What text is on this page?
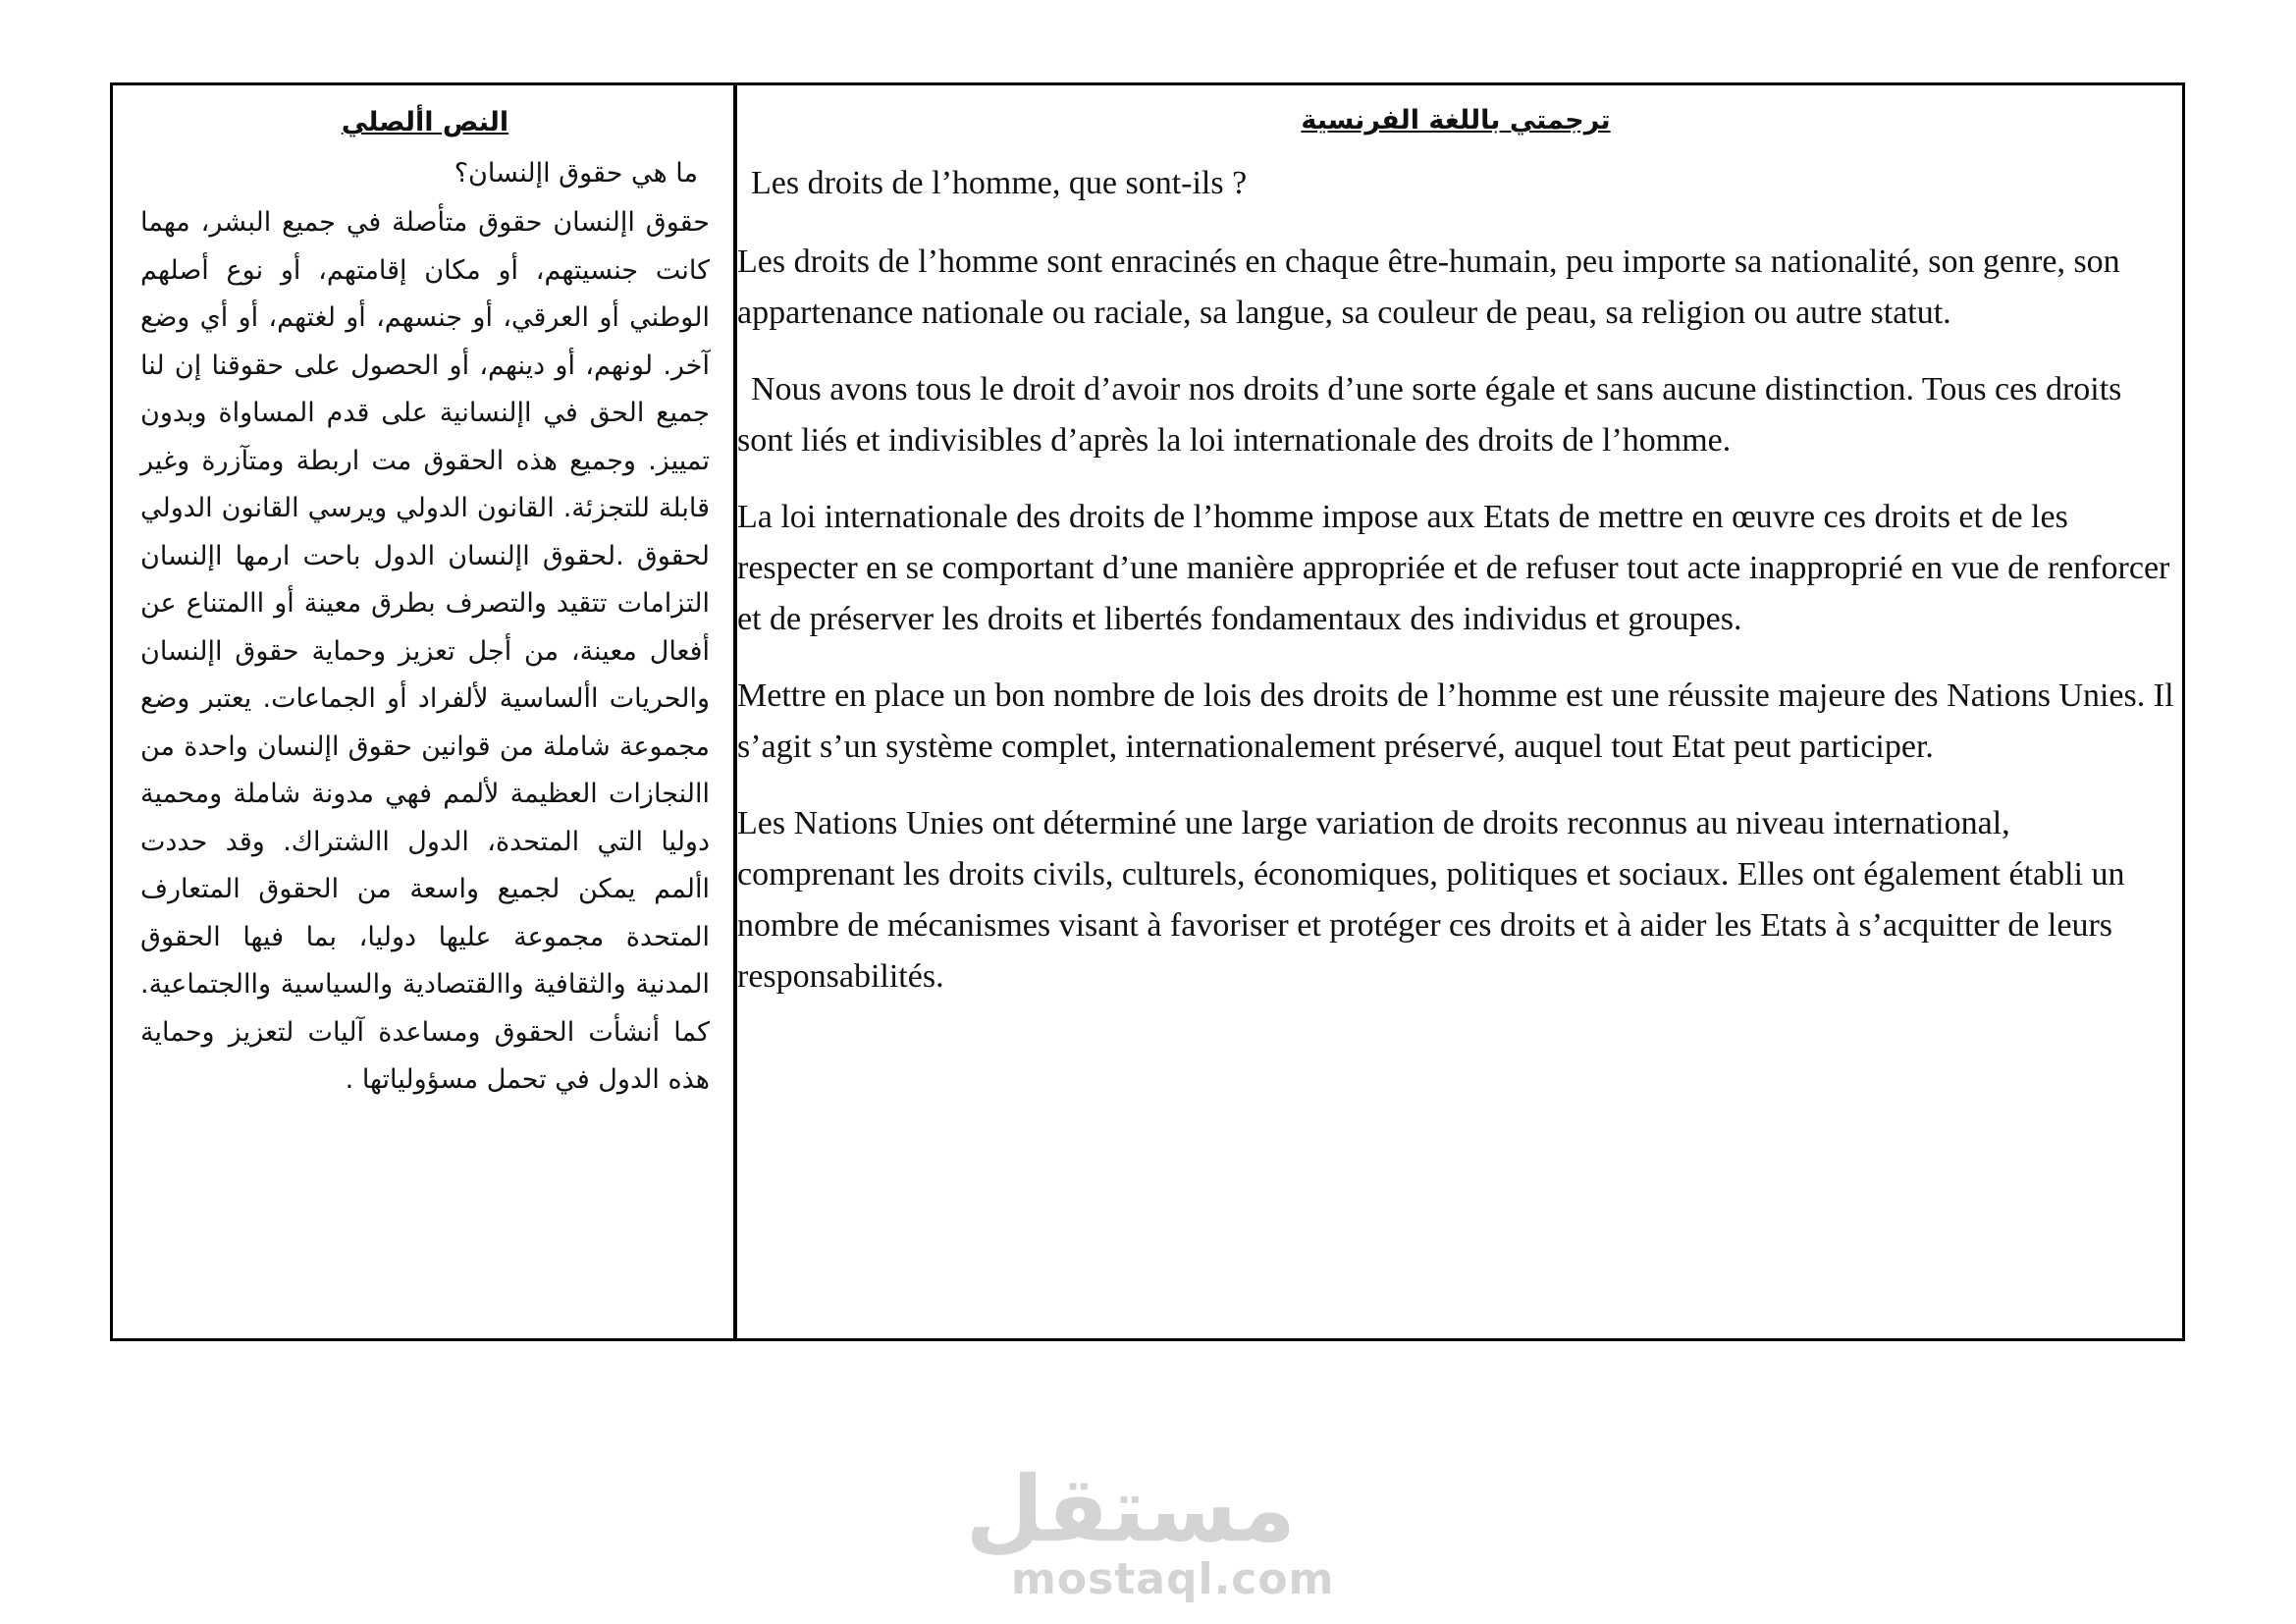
النص األصلي
ما هي حقوق اإلنسان؟

حقوق اإلنسان حقوق متأصلة في جميع البشر، مهما كانت جنسيتهم، أو مكان إقامتهم، أو نوع أصلهم الوطني أو العرقي، أو جنسهم، أو لغتهم، أو أي وضع آخر. لونهم، أو دينهم، أو الحصول على حقوقنا إن لنا جميع الحق في اإلنسانية على قدم المساواة وبدون تمييز. وجميع هذه الحقوق مت اربطة ومتآزرة وغير قابلة للتجزئة. القانون الدولي ويرسي القانون الدولي لحقوق .لحقوق اإلنسان الدول باحت ارمها اإلنسان التزامات تتقيد والتصرف بطرق معينة أو االمتناع عن أفعال معينة، من أجل تعزيز وحماية حقوق اإلنسان والحريات األساسية لألفراد أو الجماعات. يعتبر وضع مجموعة شاملة من قوانين حقوق اإلنسان واحدة من االنجازات العظيمة لألمم فهي مدونة شاملة ومحمية دوليا التي المتحدة، الدول االشتراك. وقد حددت األمم يمكن لجميع واسعة من الحقوق المتعارف المتحدة مجموعة عليها دوليا، بما فيها الحقوق المدنية والثقافية واالقتصادية والسياسية واالجتماعية. كما أنشأت الحقوق ومساعدة آليات لتعزيز وحماية هذه الدول في تحمل مسؤولياتها .

ترجمتي باللغة الفرنسية

Les droits de l’homme, que sont-ils ?

Les droits de l’homme sont enracinés en chaque être-humain, peu importe sa nationalité, son genre, son appartenance nationale ou raciale, sa langue, sa couleur de peau, sa religion ou autre statut.

Nous avons tous le droit d’avoir nos droits d’une sorte égale et sans aucune distinction. Tous ces droits sont liés et indivisibles d’après la loi internationale des droits de l’homme.

La loi internationale des droits de l’homme impose aux Etats de mettre en œuvre ces droits et de les respecter en se comportant d’une manière appropriée et de refuser tout acte inapproprié en vue de renforcer et de préserver les droits et libertés fondamentaux des individus et groupes.

Mettre en place un bon nombre de lois des droits de l’homme est une réussite majeure des Nations Unies. Il s’agit s’un système complet, internationalement préservé, auquel tout Etat peut participer.

Les Nations Unies ont déterminé une large variation de droits reconnus au niveau international, comprenant les droits civils, culturels, économiques, politiques et sociaux. Elles ont également établi un nombre de mécanismes visant à favoriser et protéger ces droits et à aider les Etats à s’acquitter de leurs responsabilités.

مستقل
mostaql.com
